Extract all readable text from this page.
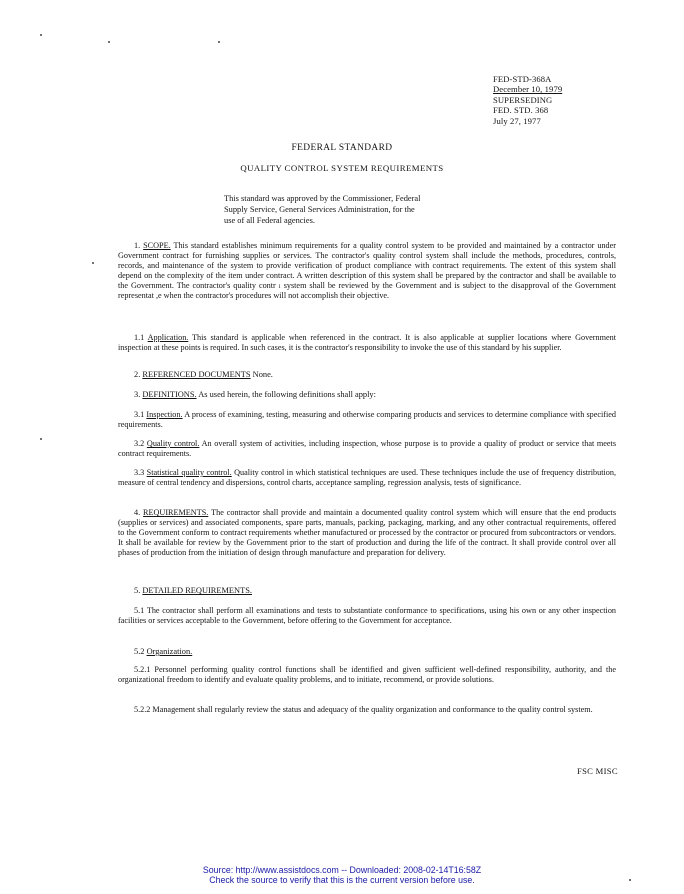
FED-STD-368A
December 10, 1979
SUPERSEDING
FED. STD. 368
July 27, 1977
FEDERAL STANDARD
QUALITY CONTROL SYSTEM REQUIREMENTS
This standard was approved by the Commissioner, Federal
Supply Service, General Services Administration, for the
use of all Federal agencies.
1. SCOPE. This standard establishes minimum requirements for a quality control system to be provided and maintained by a contractor under Government contract for furnishing supplies or services. The contractor's quality control system shall include the methods, procedures, controls, records, and maintenance of the system to provide verification of product compliance with contract requirements. The extent of this system shall depend on the complexity of the item under contract. A written description of this system shall be prepared by the contractor and shall be available to the Government. The contractor's quality contr ₗ system shall be reviewed by the Government and is subject to the disapproval of the Government representat ,e when the contractor's procedures will not accomplish their objective.
1.1 Application. This standard is applicable when referenced in the contract. It is also applicable at supplier locations where Government inspection at these points is required. In such cases, it is the contractor's responsibility to invoke the use of this standard by his supplier.
2. REFERENCED DOCUMENTS None.
3. DEFINITIONS. As used herein, the following definitions shall apply:
3.1 Inspection. A process of examining, testing, measuring and otherwise comparing products and services to determine compliance with specified requirements.
3.2 Quality control. An overall system of activities, including inspection, whose purpose is to provide a quality of product or service that meets contract requirements.
3.3 Statistical quality control. Quality control in which statistical techniques are used. These techniques include the use of frequency distribution, measure of central tendency and dispersions, control charts, acceptance sampling, regression analysis, tests of significance.
4. REQUIREMENTS. The contractor shall provide and maintain a documented quality control system which will ensure that the end products (supplies or services) and associated components, spare parts, manuals, packing, packaging, marking, and any other contractual requirements, offered to the Government conform to contract requirements whether manufactured or processed by the contractor or procured from subcontractors or vendors. It shall be available for review by the Government prior to the start of production and during the life of the contract. It shall provide control over all phases of production from the initiation of design through manufacture and preparation for delivery.
5. DETAILED REQUIREMENTS.
5.1 The contractor shall perform all examinations and tests to substantiate conformance to specifications, using his own or any other inspection facilities or services acceptable to the Government, before offering to the Government for acceptance.
5.2 Organization.
5.2.1 Personnel performing quality control functions shall be identified and given sufficient well-defined responsibility, authority, and the organizational freedom to identify and evaluate quality problems, and to initiate, recommend, or provide solutions.
5.2.2 Management shall regularly review the status and adequacy of the quality organization and conformance to the quality control system.
FSC MISC
Source: http://www.assistdocs.com -- Downloaded: 2008-02-14T16:58Z
Check the source to verify that this is the current version before use.
